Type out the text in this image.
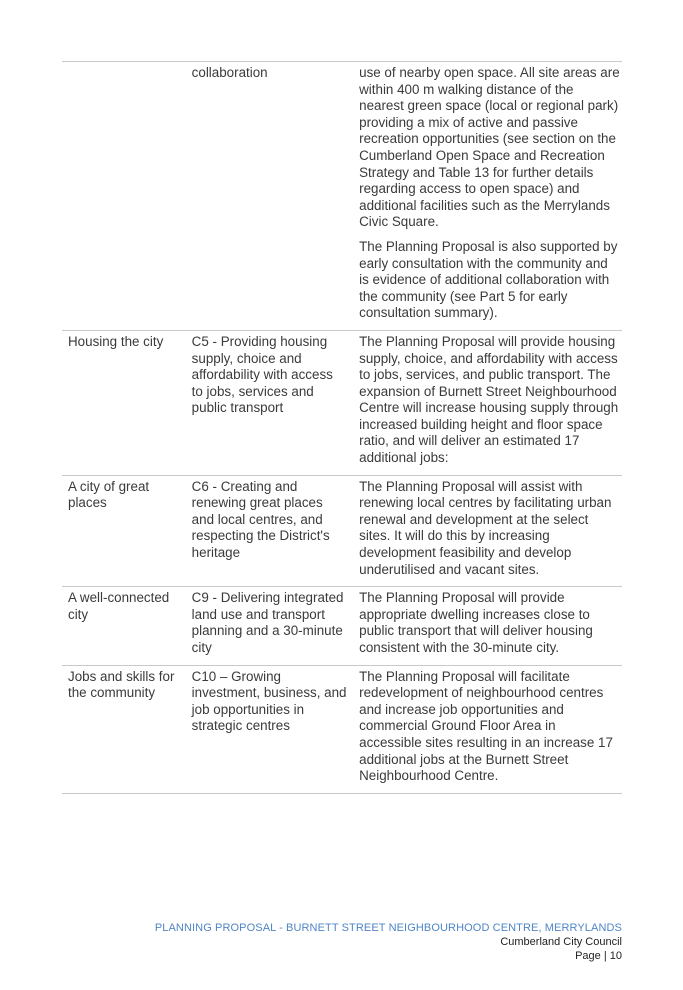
	collaboration	use of nearby open space. All site areas are within 400 m walking distance of the nearest green space (local or regional park) providing a mix of active and passive recreation opportunities (see section on the Cumberland Open Space and Recreation Strategy and Table 13 for further details regarding access to open space) and additional facilities such as the Merrylands Civic Square.

The Planning Proposal is also supported by early consultation with the community and is evidence of additional collaboration with the community (see Part 5 for early consultation summary).

Housing the city	C5 - Providing housing supply, choice and affordability with access to jobs, services and public transport	The Planning Proposal will provide housing supply, choice, and affordability with access to jobs, services, and public transport. The expansion of Burnett Street Neighbourhood Centre will increase housing supply through increased building height and floor space ratio, and will deliver an estimated 17 additional jobs:

A city of great places	C6 - Creating and renewing great places and local centres, and respecting the District's heritage	The Planning Proposal will assist with renewing local centres by facilitating urban renewal and development at the select sites. It will do this by increasing development feasibility and develop underutilised and vacant sites.

A well-connected city	C9 - Delivering integrated land use and transport planning and a 30-minute city	The Planning Proposal will provide appropriate dwelling increases close to public transport that will deliver housing consistent with the 30-minute city.

Jobs and skills for the community	C10 – Growing investment, business, and job opportunities in strategic centres	The Planning Proposal will facilitate redevelopment of neighbourhood centres and increase job opportunities and commercial Ground Floor Area in accessible sites resulting in an increase 17 additional jobs at the Burnett Street Neighbourhood Centre.

PLANNING PROPOSAL - BURNETT STREET NEIGHBOURHOOD CENTRE, MERRYLANDS
Cumberland City Council
Page | 10
